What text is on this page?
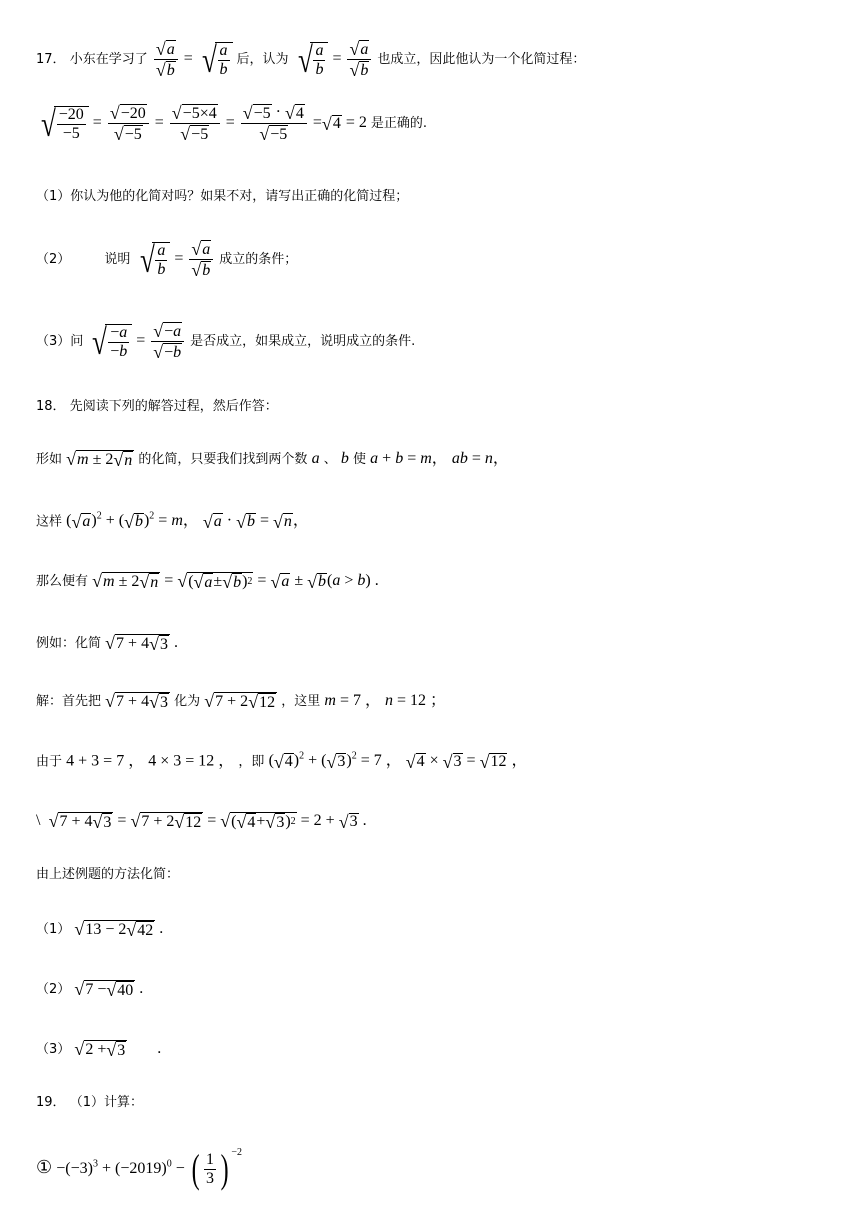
17． 小东在学习了 $\frac{√ a}{√ b}$ = √ $\frac{a}{b}$ 后，认为 √ $\frac{a}{b} = \frac{√ a}{√ b}$ 也成立，因此他认为一个化简过程：
√ $\frac{-20}{-5} = \frac{√ -20}{√ -5} = \frac{√ -5\times 4}{√ -5} = \frac{√ -5 \cdot √ 4}{√ -5}$ = √ 4 = 2 是正确的.
（1）你认为他的化简对吗？如果不对，请写出正确的化简过程；
（2）	说明 √ $\frac{a}{b} = \frac{√ a}{√ b}$ 成立的条件；
（3）问 √ $\frac{-a}{-b} = \frac{√ - a}{√ - b}$ 是否成立，如果成立，说明成立的条件.
18． 先阅读下列的解答过程，然后作答：
形如 √ m ± 2 √ n 的化简，只要我们找到两个数 a 、 b 使 a + b = m， ab = n，
这样 ( √ a )$^2$ + ( √ b )$^2$ = m， √ a · √ b = √ n ，
那么便有 √ m ± 2 √ n = √ ( √ a ± √ b ) 2 = √ a ± √ b (a > b) .
例如：化简 √ 7 + 4 √ 3 .
解：首先把 √ 7 + 4 √ 3 化为 √ 7 + 2 √ 12 ，这里 m = 7 ， n = 12 ；
由于 4 + 3 = 7 ， 4 × 3 = 12 ， ，即 ( √ 4 )$^2$ + ( √ 3 )$^2$ = 7 ， √ 4 × √ 3 = √ 12 ，
\ √ 7 + 4 √ 3 = √ 7 + 2 √ 12 = √ ( √ 4 + √ 3 ) 2 = 2 + √ 3 .
由上述例题的方法化简：
（1） √ 13 − 2 √ 42 .
（2） √ 7 − √ 40 .
（3） √ 2 + √ 3 .
19． （1）计算：
① $-(-3)^3 + (-2019)^0$ − ( $\frac{1}{3}$ ) $^{-2}$
